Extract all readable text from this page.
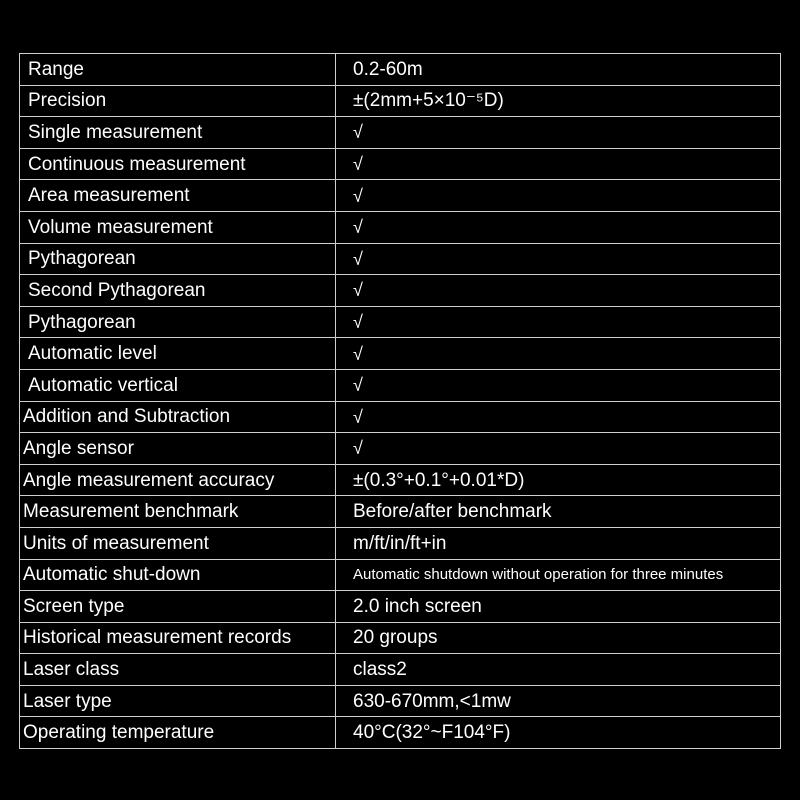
Range	0.2-60m
Precision	±(2mm+5×10⁻⁵D)
Single measurement	√
Continuous measurement	√
Area measurement	√
Volume measurement	√
Pythagorean	√
Second Pythagorean	√
Pythagorean	√
Automatic level	√
Automatic vertical	√
Addition and Subtraction	√
Angle sensor	√
Angle measurement accuracy	±(0.3°+0.1°+0.01*D)
Measurement benchmark	Before/after benchmark
Units of measurement	m/ft/in/ft+in
Automatic shut-down	Automatic shutdown without operation for three minutes
Screen type	2.0 inch screen
Historical measurement records	20 groups
Laser class	class2
Laser type	630-670mm,<1mw
Operating temperature	40°C(32°~F104°F)
